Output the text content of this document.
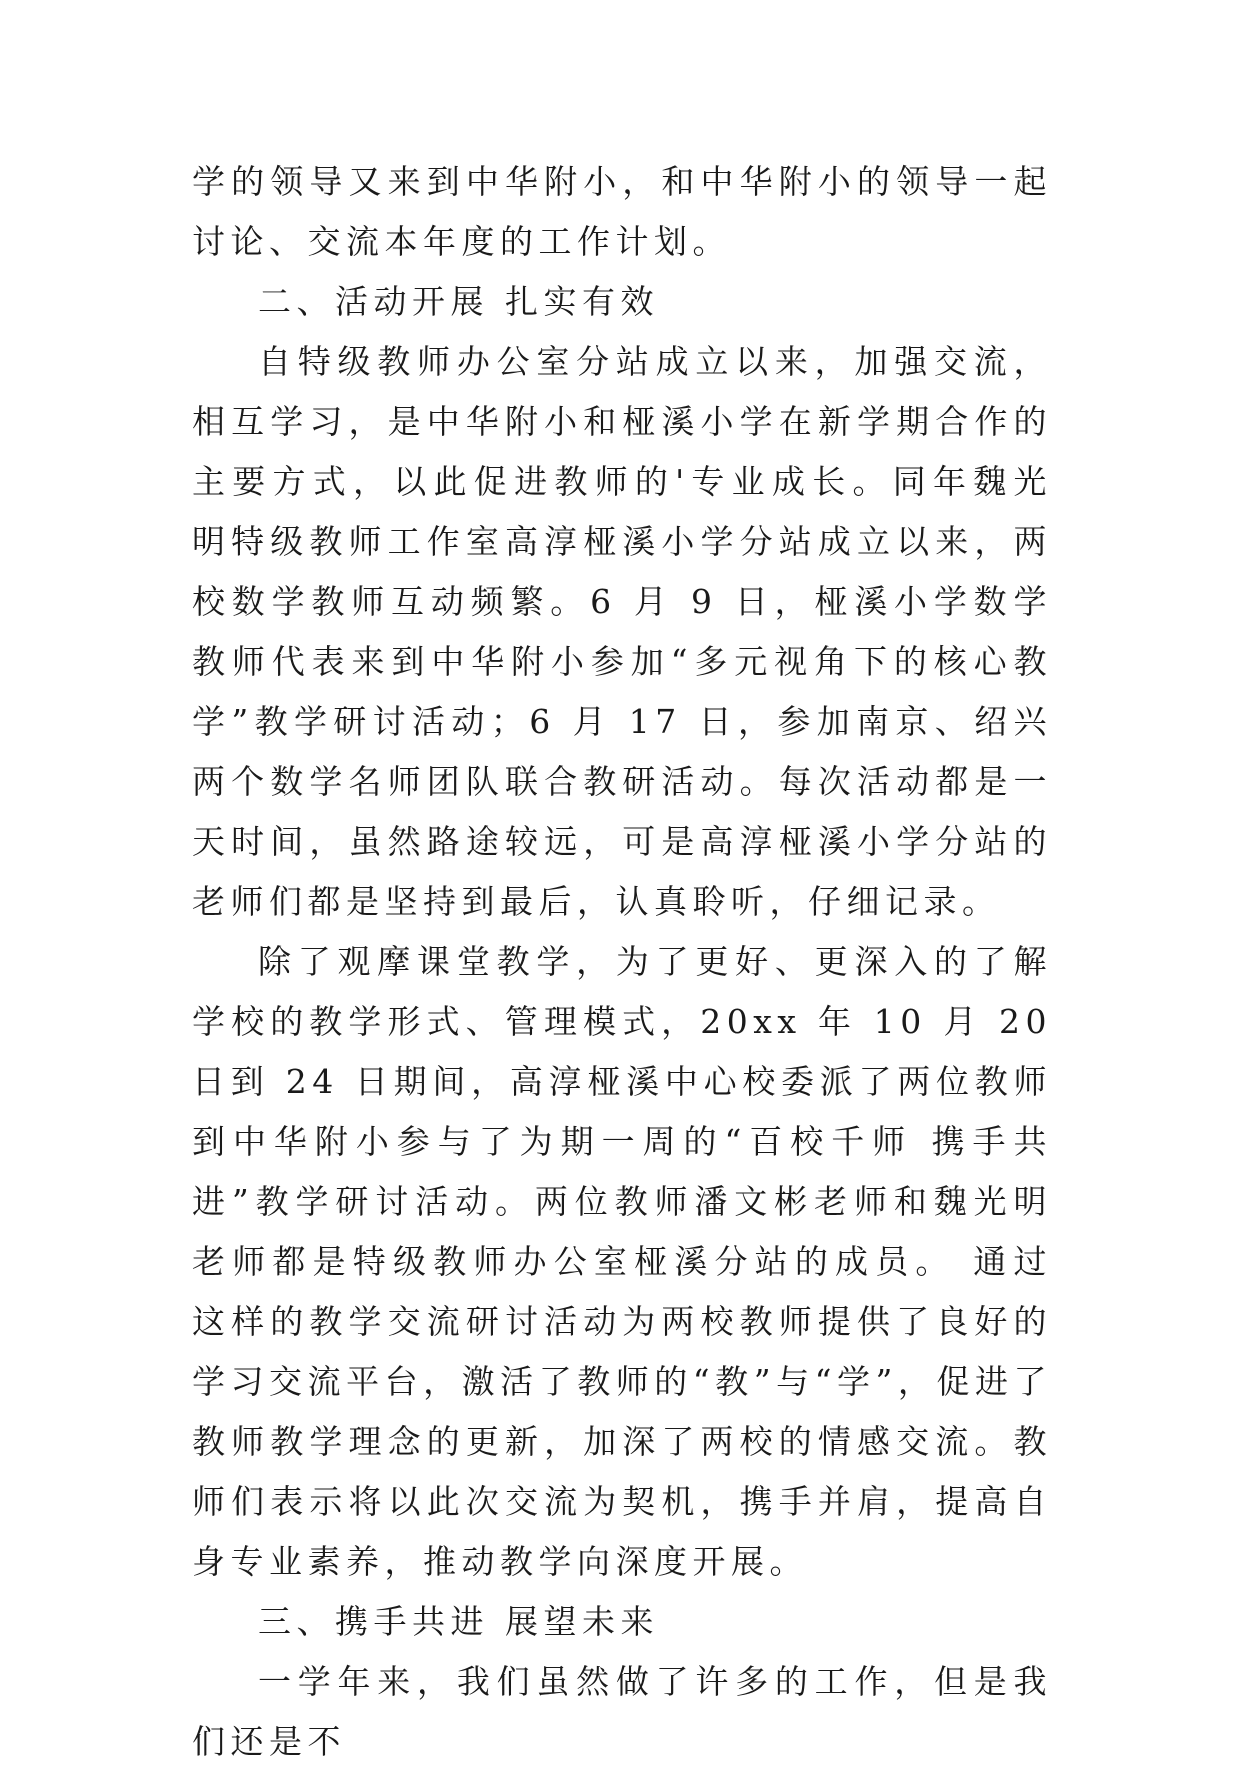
学的领导又来到中华附小，和中华附小的领导一起讨论、交流本年度的工作计划。

二、活动开展 扎实有效

自特级教师办公室分站成立以来，加强交流，相互学习，是中华附小和桠溪小学在新学期合作的主要方式，以此促进教师的'专业成长。同年魏光明特级教师工作室高淳桠溪小学分站成立以来，两校数学教师互动频繁。6 月 9 日，桠溪小学数学教师代表来到中华附小参加“多元视角下的核心教学”教学研讨活动；6 月 17 日，参加南京、绍兴两个数学名师团队联合教研活动。每次活动都是一天时间，虽然路途较远，可是高淳桠溪小学分站的老师们都是坚持到最后，认真聆听，仔细记录。

除了观摩课堂教学，为了更好、更深入的了解学校的教学形式、管理模式，20xx 年 10 月 20 日到 24 日期间，高淳桠溪中心校委派了两位教师到中华附小参与了为期一周的“百校千师 携手共进”教学研讨活动。两位教师潘文彬老师和魏光明老师都是特级教师办公室桠溪分站的成员。 通过这样的教学交流研讨活动为两校教师提供了良好的学习交流平台，激活了教师的“教”与“学”，促进了教师教学理念的更新，加深了两校的情感交流。教师们表示将以此次交流为契机，携手并肩，提高自身专业素养，推动教学向深度开展。

三、携手共进 展望未来

一学年来，我们虽然做了许多的工作，但是我们还是不
